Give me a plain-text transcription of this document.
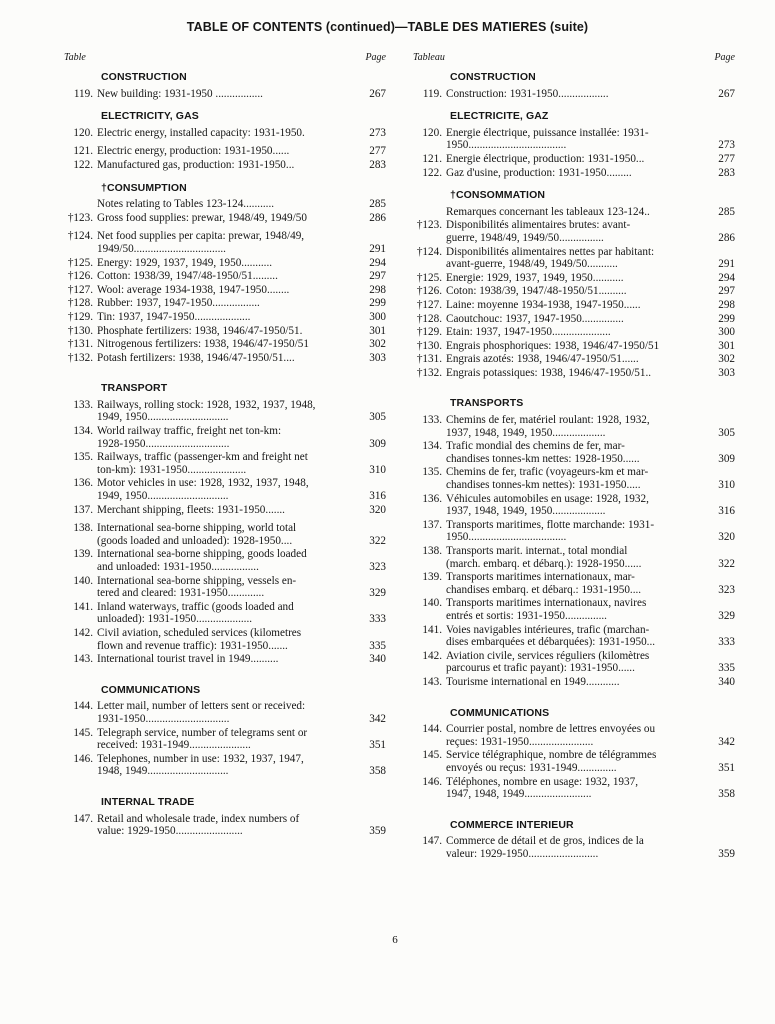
TABLE OF CONTENTS (continued)—TABLE DES MATIERES (suite)
Table	Page
CONSTRUCTION
119. New building: 1931-1950 .................	267
ELECTRICITY, GAS
120. Electric energy, installed capacity: 1931-1950.	273
121. Electric energy, production: 1931-1950......	277
122. Manufactured gas, production: 1931-1950...	283
†CONSUMPTION
Notes relating to Tables 123-124...........	285
†123. Gross food supplies: prewar, 1948/49, 1949/50	286
†124. Net food supplies per capita: prewar, 1948/49,
1949/50.................................	291
†125. Energy: 1929, 1937, 1949, 1950...........	294
†126. Cotton: 1938/39, 1947/48-1950/51.........	297
†127. Wool: average 1934-1938, 1947-1950........	298
†128. Rubber: 1937, 1947-1950.................	299
†129. Tin: 1937, 1947-1950....................	300
†130. Phosphate fertilizers: 1938, 1946/47-1950/51.	301
†131. Nitrogenous fertilizers: 1938, 1946/47-1950/51	302
†132. Potash fertilizers: 1938, 1946/47-1950/51....	303
TRANSPORT
133. Railways, rolling stock: 1928, 1932, 1937, 1948,
1949, 1950.............................	305
134. World railway traffic, freight net ton-km:
1928-1950..............................	309
135. Railways, traffic (passenger-km and freight net
ton-km): 1931-1950.....................	310
136. Motor vehicles in use: 1928, 1932, 1937, 1948,
1949, 1950.............................	316
137. Merchant shipping, fleets: 1931-1950.......	320
138. International sea-borne shipping, world total
(goods loaded and unloaded): 1928-1950....	322
139. International sea-borne shipping, goods loaded
and unloaded: 1931-1950.................	323
140. International sea-borne shipping, vessels en-
tered and cleared: 1931-1950.............	329
141. Inland waterways, traffic (goods loaded and
unloaded): 1931-1950....................	333
142. Civil aviation, scheduled services (kilometres
flown and revenue traffic): 1931-1950.......	335
143. International tourist travel in 1949..........	340
COMMUNICATIONS
144. Letter mail, number of letters sent or received:
1931-1950..............................	342
145. Telegraph service, number of telegrams sent or
received: 1931-1949......................	351
146. Telephones, number in use: 1932, 1937, 1947,
1948, 1949.............................	358
INTERNAL TRADE
147. Retail and wholesale trade, index numbers of
value: 1929-1950........................	359
Tableau	Page
CONSTRUCTION
119. Construction: 1931-1950..................	267
ELECTRICITE, GAZ
120. Energie électrique, puissance installée: 1931-
1950...................................	273
121. Energie électrique, production: 1931-1950...	277
122. Gaz d'usine, production: 1931-1950.........	283
†CONSOMMATION
Remarques concernant les tableaux 123-124..	285
†123. Disponibilités alimentaires brutes: avant-
guerre, 1948/49, 1949/50................	286
†124. Disponibilités alimentaires nettes par habitant:
avant-guerre, 1948/49, 1949/50...........	291
†125. Energie: 1929, 1937, 1949, 1950...........	294
†126. Coton: 1938/39, 1947/48-1950/51..........	297
†127. Laine: moyenne 1934-1938, 1947-1950......	298
†128. Caoutchouc: 1937, 1947-1950...............	299
†129. Etain: 1937, 1947-1950.....................	300
†130. Engrais phosphoriques: 1938, 1946/47-1950/51	301
†131. Engrais azotés: 1938, 1946/47-1950/51......	302
†132. Engrais potassiques: 1938, 1946/47-1950/51..	303
TRANSPORTS
133. Chemins de fer, matériel roulant: 1928, 1932,
1937, 1948, 1949, 1950...................	305
134. Trafic mondial des chemins de fer, mar-
chandises tonnes-km nettes: 1928-1950......	309
135. Chemins de fer, trafic (voyageurs-km et mar-
chandises tonnes-km nettes): 1931-1950.....	310
136. Véhicules automobiles en usage: 1928, 1932,
1937, 1948, 1949, 1950...................	316
137. Transports maritimes, flotte marchande: 1931-
1950...................................	320
138. Transports marit. internat., total mondial
(march. embarq. et débarq.): 1928-1950......	322
139. Transports maritimes internationaux, mar-
chandises embarq. et débarq.: 1931-1950....	323
140. Transports maritimes internationaux, navires
entrés et sortis: 1931-1950...............	329
141. Voies navigables intérieures, trafic (marchan-
dises embarquées et débarquées): 1931-1950...	333
142. Aviation civile, services réguliers (kilomètres
parcourus et trafic payant): 1931-1950......	335
143. Tourisme international en 1949............	340
COMMUNICATIONS
144. Courrier postal, nombre de lettres envoyées ou
reçues: 1931-1950.......................	342
145. Service télégraphique, nombre de télégrammes
envoyés ou reçus: 1931-1949..............	351
146. Téléphones, nombre en usage: 1932, 1937,
1947, 1948, 1949........................	358
COMMERCE INTERIEUR
147. Commerce de détail et de gros, indices de la
valeur: 1929-1950.........................	359
6
